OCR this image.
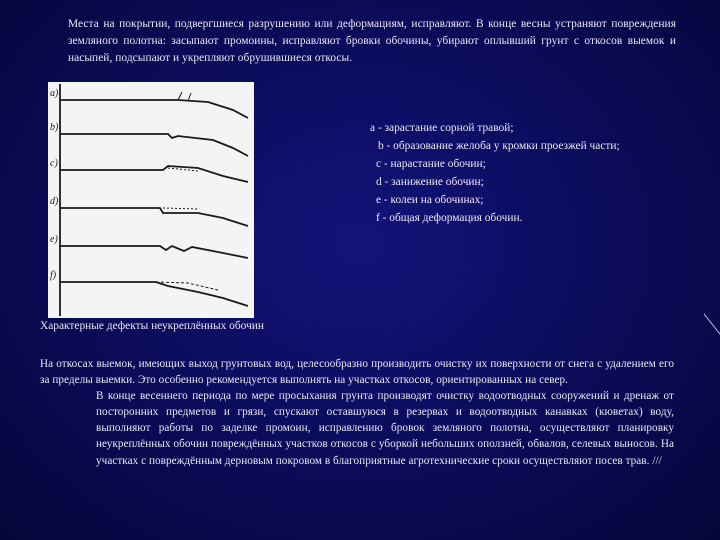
Места на покрытии, подвергшиеся разрушению или деформациям, исправляют. В конце весны устраняют повреждения земляного полотна: засыпают промоины, исправляют бровки обочины, убирают оплывший грунт с откосов выемок и насыпей, подсыпают и укрепляют обрушившиеся откосы.
a)
b)
c)
d)
e)
f)
a - зарастание сорной травой;
b - образование желоба у кромки проезжей части;
c - нарастание обочин;
d - занижение обочин;
e - колеи на обочинах;
f - общая деформация обочин.
Характерные дефекты неукреплённых обочин
На откосах выемок, имеющих выход грунтовых вод, целесообразно производить очистку их поверхности от снега с удалением его за пределы выемки. Это особенно рекомендуется выполнять на участках откосов, ориентированных на север.
В конце весеннего периода по мере просыхания грунта производят очистку водоотводных сооружений и дренаж от посторонних предметов и грязи, спускают оставшуюся в резервах и водоотводных канавках (кюветах) воду, выполняют работы по заделке промоин, исправлению бровок земляного полотна, осуществляют планировку неукреплённых обочин повреждённых участков откосов с уборкой небольших оползней, обвалов, селевых выносов. На участках с повреждённым дерновым покровом в благоприятные агротехнические сроки осуществляют посев трав. ///
